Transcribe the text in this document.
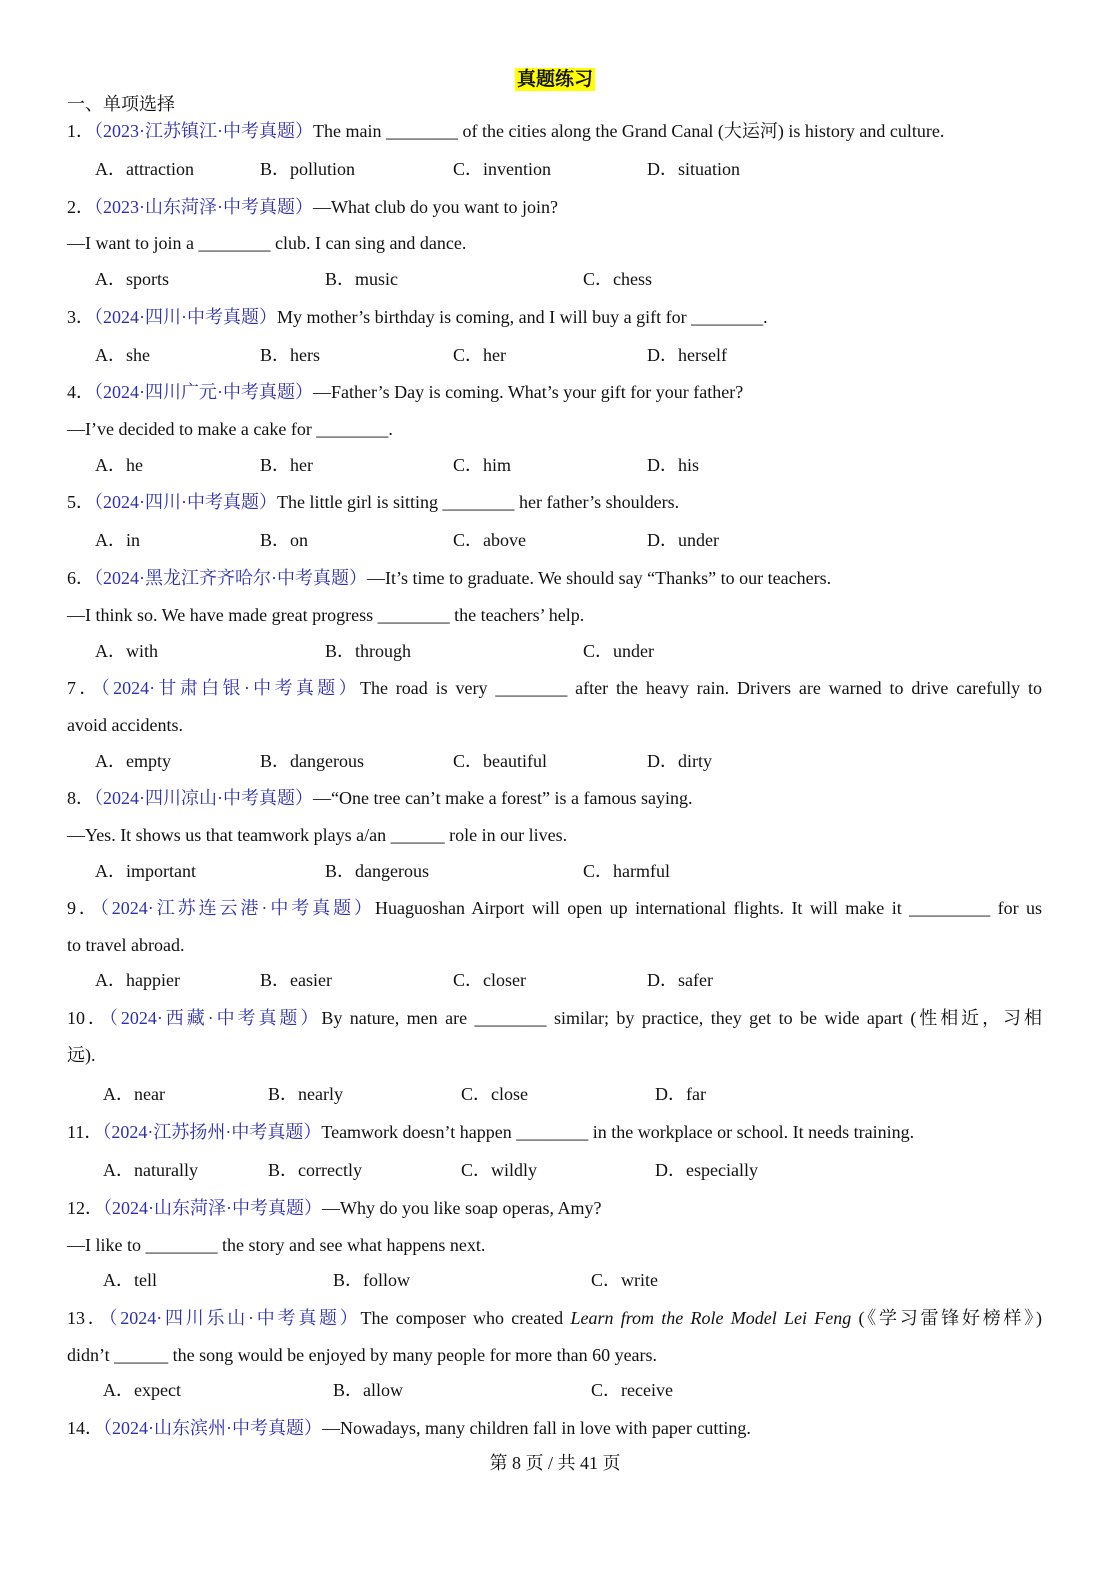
真题练习
一、单项选择
1．（2023·江苏镇江·中考真题）The main ________ of the cities along the Grand Canal (大运河) is history and culture.
A．attraction	B．pollution	C．invention	D．situation
2．（2023·山东菏泽·中考真题）—What club do you want to join?
—I want to join a ________ club. I can sing and dance.
A．sports	B．music	C．chess
3．（2024·四川·中考真题）My mother’s birthday is coming, and I will buy a gift for ________.
A．she	B．hers	C．her	D．herself
4．（2024·四川广元·中考真题）—Father’s Day is coming. What’s your gift for your father?
—I’ve decided to make a cake for ________.
A．he	B．her	C．him	D．his
5．（2024·四川·中考真题）The little girl is sitting ________ her father’s shoulders.
A．in	B．on	C．above	D．under
6．（2024·黑龙江齐齐哈尔·中考真题）—It’s time to graduate. We should say “Thanks” to our teachers.
—I think so. We have made great progress ________ the teachers’ help.
A．with	B．through	C．under
7．（2024·甘肃白银·中考真题）The road is very ________ after the heavy rain. Drivers are warned to drive carefully to
avoid accidents.
A．empty	B．dangerous	C．beautiful	D．dirty
8．（2024·四川凉山·中考真题）—“One tree can’t make a forest” is a famous saying.
—Yes. It shows us that teamwork plays a/an ______ role in our lives.
A．important	B．dangerous	C．harmful
9．（2024·江苏连云港·中考真题）Huaguoshan Airport will open up international flights. It will make it _________ for us
to travel abroad.
A．happier	B．easier	C．closer	D．safer
10．（2024·西藏·中考真题）By nature, men are ________ similar; by practice, they get to be wide apart (性相近，习相
远).
A．near	B．nearly	C．close	D．far
11．（2024·江苏扬州·中考真题）Teamwork doesn’t happen ________ in the workplace or school. It needs training.
A．naturally	B．correctly	C．wildly	D．especially
12．（2024·山东菏泽·中考真题）—Why do you like soap operas, Amy?
—I like to ________ the story and see what happens next.
A．tell	B．follow	C．write
13．（2024·四川乐山·中考真题）The composer who created Learn from the Role Model Lei Feng (《学习雷锋好榜样》)
didn’t ______ the song would be enjoyed by many people for more than 60 years.
A．expect	B．allow	C．receive
14．（2024·山东滨州·中考真题）—Nowadays, many children fall in love with paper cutting.
第 8 页 / 共 41 页
